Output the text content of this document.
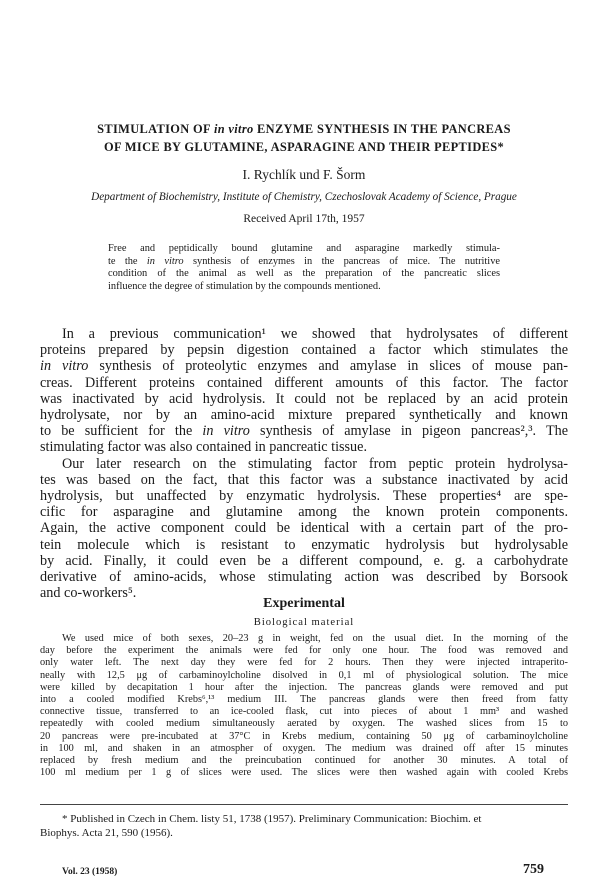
STIMULATION OF in vitro ENZYME SYNTHESIS IN THE PANCREAS
OF MICE BY GLUTAMINE, ASPARAGINE AND THEIR PEPTIDES*
I. Rychlík und F. Šorm
Department of Biochemistry, Institute of Chemistry, Czechoslovak Academy of Science, Prague
Received April 17th, 1957
Free and peptidically bound glutamine and asparagine markedly stimula-
te the in vitro synthesis of enzymes in the pancreas of mice. The nutritive
condition of the animal as well as the preparation of the pancreatic slices
influence the degree of stimulation by the compounds mentioned.
In a previous communication¹ we showed that hydrolysates of different
proteins prepared by pepsin digestion contained a factor which stimulates the
in vitro synthesis of proteolytic enzymes and amylase in slices of mouse pan-
creas. Different proteins contained different amounts of this factor. The factor
was inactivated by acid hydrolysis. It could not be replaced by an acid protein
hydrolysate, nor by an amino-acid mixture prepared synthetically and known
to be sufficient for the in vitro synthesis of amylase in pigeon pancreas²,³. The
stimulating factor was also contained in pancreatic tissue.
Our later research on the stimulating factor from peptic protein hydrolysa-
tes was based on the fact, that this factor was a substance inactivated by acid
hydrolysis, but unaffected by enzymatic hydrolysis. These properties⁴ are spe-
cific for asparagine and glutamine among the known protein components.
Again, the active component could be identical with a certain part of the pro-
tein molecule which is resistant to enzymatic hydrolysis but hydrolysable
by acid. Finally, it could even be a different compound, e. g. a carbohydrate
derivative of amino-acids, whose stimulating action was described by Borsook
and co-workers⁵.
Experimental
Biological material
We used mice of both sexes, 20–23 g in weight, fed on the usual diet. In the morning of the
day before the experiment the animals were fed for only one hour. The food was removed and
only water left. The next day they were fed for 2 hours. Then they were injected intraperito-
neally with 12,5 μg of carbaminoylcholine disolved in 0,1 ml of physiological solution. The mice
were killed by decapitation 1 hour after the injection. The pancreas glands were removed and put
into a cooled modified Krebs⁶,¹³ medium III. The pancreas glands were then freed from fatty
connective tissue, transferred to an ice-cooled flask, cut into pieces of about 1 mm³ and washed
repeatedly with cooled medium simultaneously aerated by oxygen. The washed slices from 15 to
20 pancreas were pre-incubated at 37°C in Krebs medium, containing 50 μg of carbaminoylcholine
in 100 ml, and shaken in an atmospher of oxygen. The medium was drained off after 15 minutes
replaced by fresh medium and the preincubation continued for another 30 minutes. A total of
100 ml medium per 1 g of slices were used. The slices were then washed again with cooled Krebs
* Published in Czech in Chem. listy 51, 1738 (1957). Preliminary Communication: Biochim. et
Biophys. Acta 21, 590 (1956).
Vol. 23 (1958)	759
